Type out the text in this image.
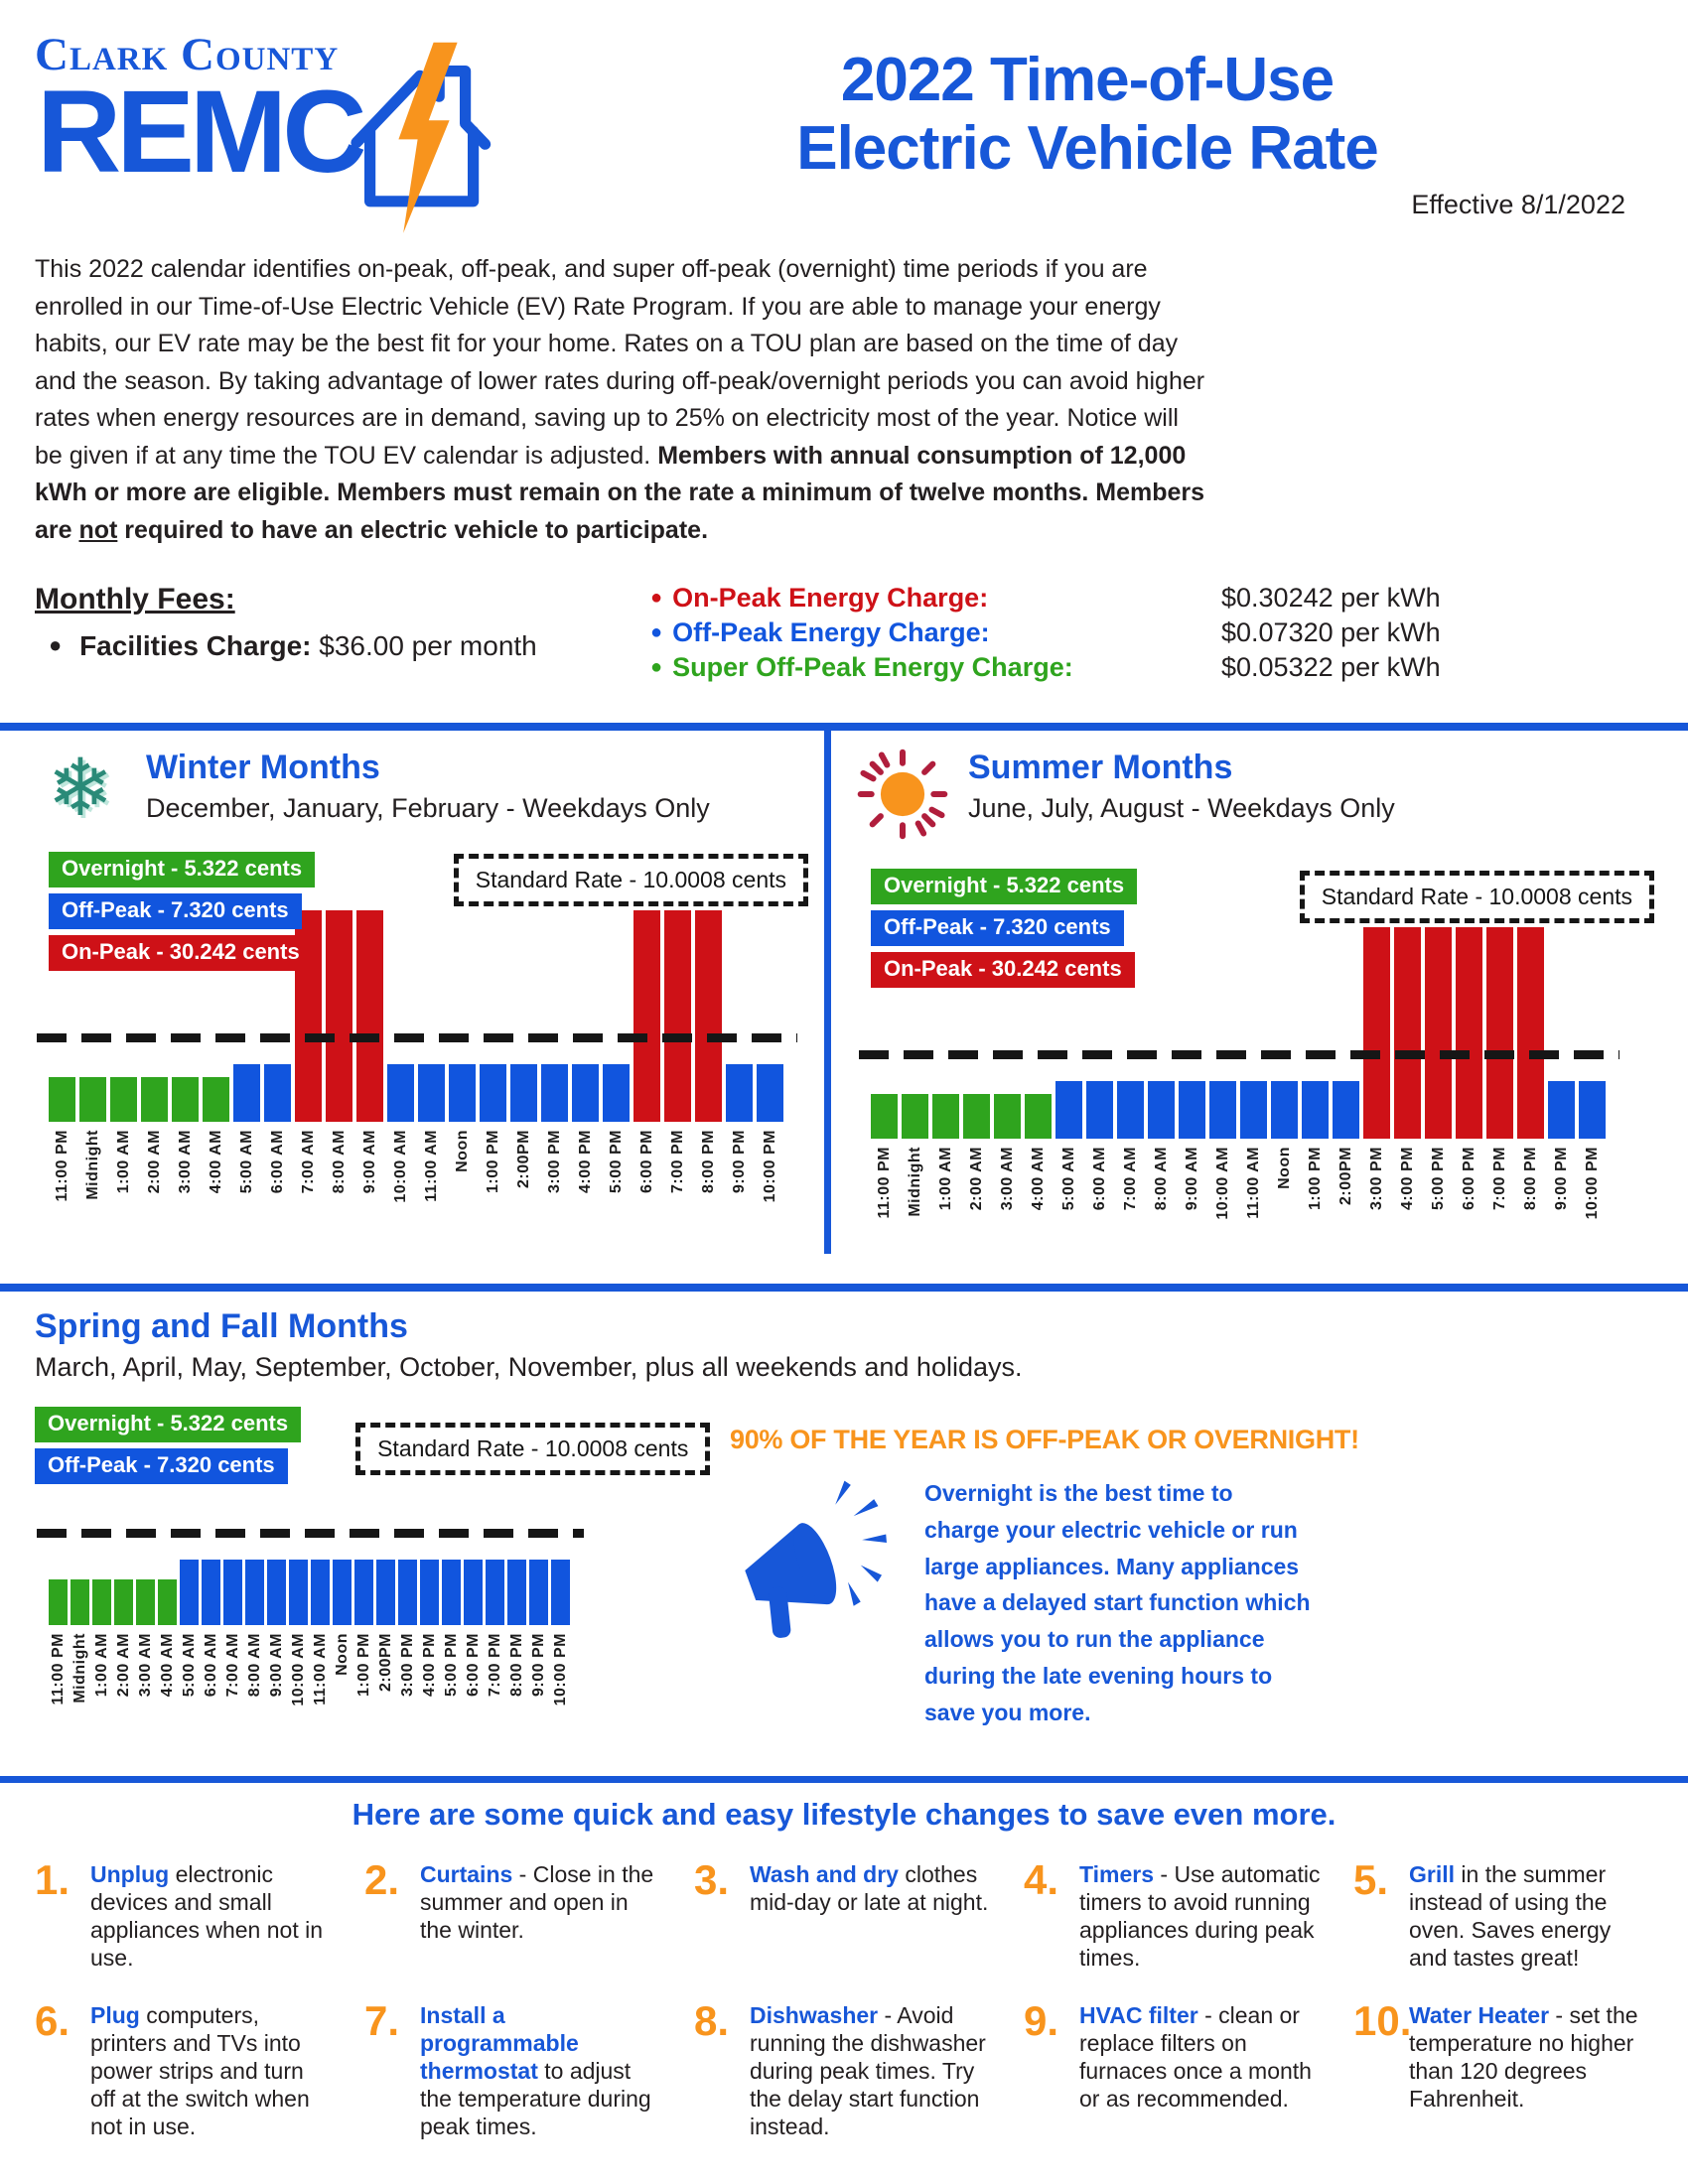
Clark County
REMC	2022 Time-of-Use
Electric Vehicle Rate
Effective 8/1/2022
This 2022 calendar identifies on-peak, off-peak, and super off-peak (overnight) time periods if you are enrolled in our Time-of-Use Electric Vehicle (EV) Rate Program. If you are able to manage your energy habits, our EV rate may be the best fit for your home. Rates on a TOU plan are based on the time of day and the season. By taking advantage of lower rates during off-peak/overnight periods you can avoid higher rates when energy resources are in demand, saving up to 25% on electricity most of the year. Notice will be given if at any time the TOU EV calendar is adjusted. Members with annual consumption of 12,000 kWh or more are eligible. Members must remain on the rate a minimum of twelve months. Members are not required to have an electric vehicle to participate.
Monthly Fees:
● Facilities Charge: $36.00 per month
● On-Peak Energy Charge:	$0.30242 per kWh
● Off-Peak Energy Charge:	$0.07320 per kWh
● Super Off-Peak Energy Charge:	$0.05322 per kWh
❄ Winter Months
December, January, February - Weekdays Only
Overnight - 5.322 cents
Off-Peak - 7.320 cents
On-Peak - 30.242 cents
Standard Rate - 10.0008 cents
11:00 PM Midnight 1:00 AM 2:00 AM 3:00 AM 4:00 AM 5:00 AM 6:00 AM 7:00 AM 8:00 AM 9:00 AM 10:00 AM 11:00 AM Noon 1:00 PM 2:00PM 3:00 PM 4:00 PM 5:00 PM 6:00 PM 7:00 PM 8:00 PM 9:00 PM 10:00 PM
Summer Months
June, July, August - Weekdays Only
Overnight - 5.322 cents
Off-Peak - 7.320 cents
On-Peak - 30.242 cents
Standard Rate - 10.0008 cents
11:00 PM Midnight 1:00 AM 2:00 AM 3:00 AM 4:00 AM 5:00 AM 6:00 AM 7:00 AM 8:00 AM 9:00 AM 10:00 AM 11:00 AM Noon 1:00 PM 2:00PM 3:00 PM 4:00 PM 5:00 PM 6:00 PM 7:00 PM 8:00 PM 9:00 PM 10:00 PM
Spring and Fall Months
March, April, May, September, October, November, plus all weekends and holidays.
Overnight - 5.322 cents
Off-Peak - 7.320 cents
Standard Rate - 10.0008 cents
11:00 PM Midnight 1:00 AM 2:00 AM 3:00 AM 4:00 AM 5:00 AM 6:00 AM 7:00 AM 8:00 AM 9:00 AM 10:00 AM 11:00 AM Noon 1:00 PM 2:00PM 3:00 PM 4:00 PM 5:00 PM 6:00 PM 7:00 PM 8:00 PM 9:00 PM 10:00 PM
90% OF THE YEAR IS OFF-PEAK OR OVERNIGHT!
Overnight is the best time to charge your electric vehicle or run large appliances. Many appliances have a delayed start function which allows you to run the appliance during the late evening hours to save you more.
Here are some quick and easy lifestyle changes to save even more.
1. Unplug electronic devices and small appliances when not in use.
2. Curtains - Close in the summer and open in the winter.
3. Wash and dry clothes mid-day or late at night. 4. Timers - Use automatic timers to avoid running appliances during peak times.
5. Grill in the summer instead of using the oven. Saves energy and tastes great!
6. Plug computers, printers and TVs into power strips and turn off at the switch when not in use.
7. Install a programmable thermostat to adjust the temperature during peak times.
8. Dishwasher - Avoid running the dishwasher during peak times. Try the delay start function instead.
9. HVAC filter - clean or replace filters on furnaces once a month or as recommended.
10.
Water Heater - set the temperature no higher than 120 degrees Fahrenheit.
